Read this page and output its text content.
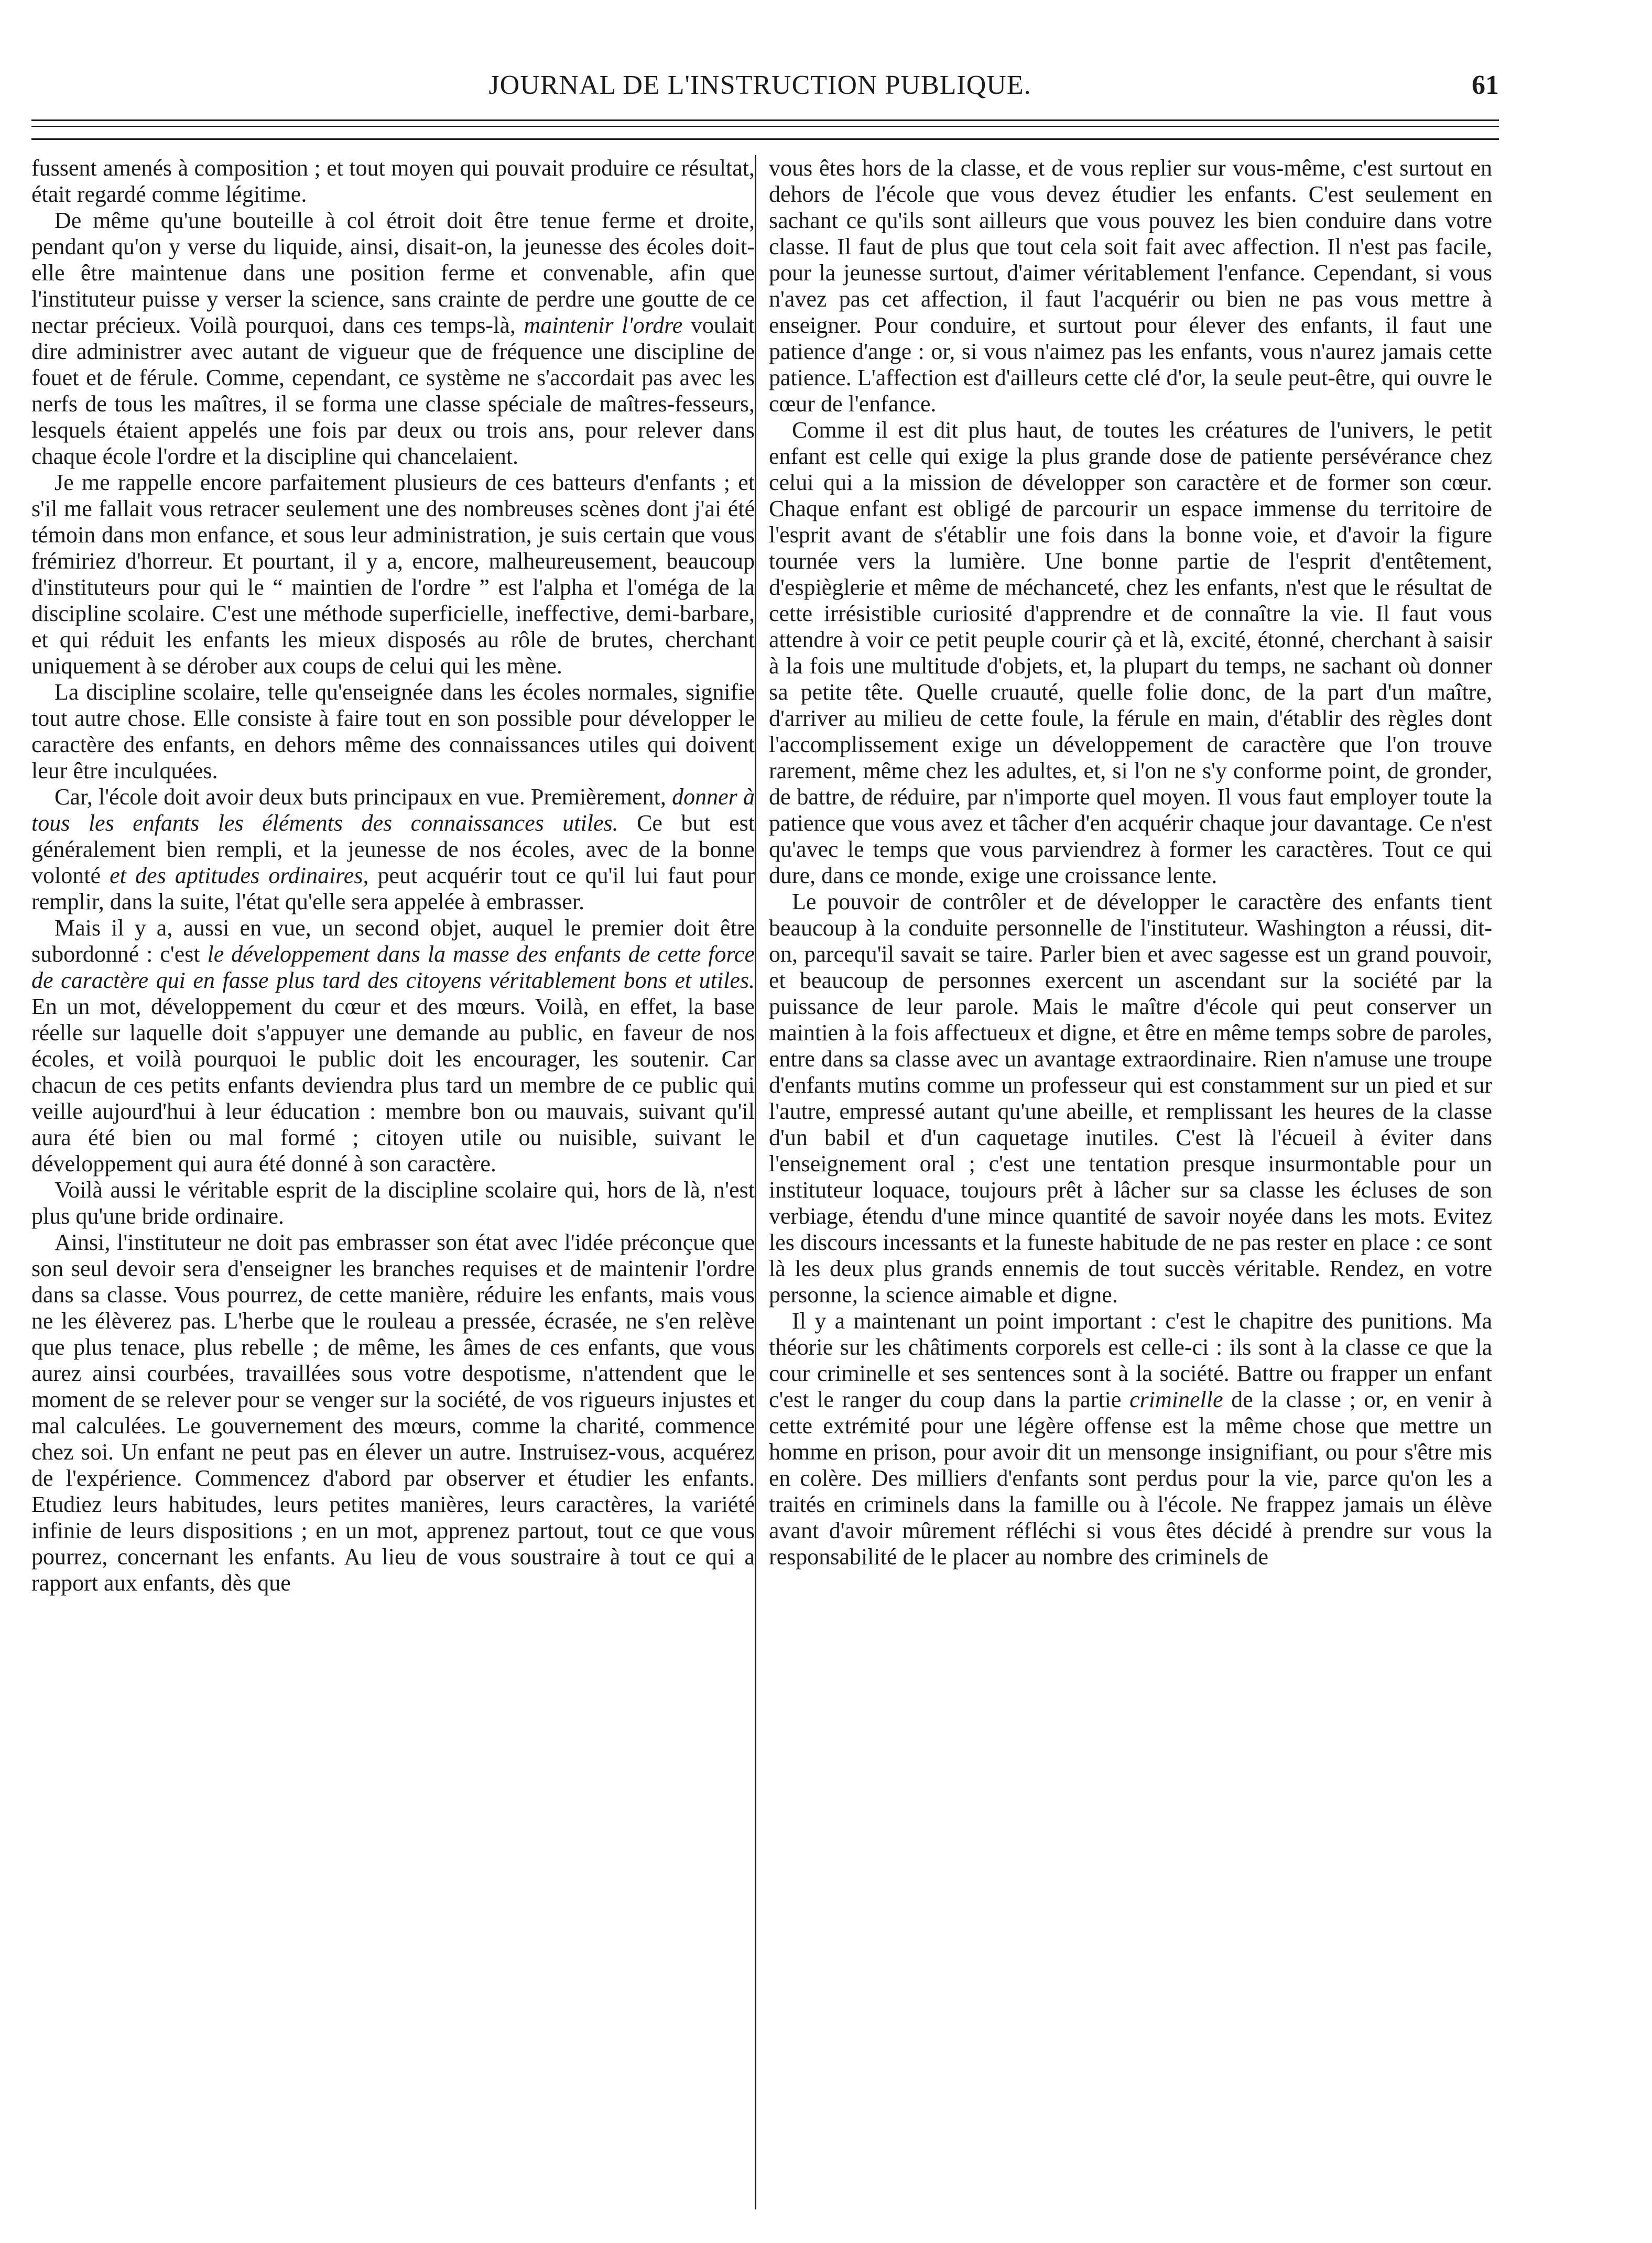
JOURNAL DE L'INSTRUCTION PUBLIQUE.	61

fussent amenés à composition ; et tout moyen qui pouvait produire ce résultat, était regardé comme légitime.

De même qu'une bouteille à col étroit doit être tenue ferme et droite, pendant qu'on y verse du liquide, ainsi, disait-on, la jeunesse des écoles doit-elle être maintenue dans une position ferme et convenable, afin que l'instituteur puisse y verser la science, sans crainte de perdre une goutte de ce nectar précieux. Voilà pourquoi, dans ces temps-là, maintenir l'ordre voulait dire administrer avec autant de vigueur que de fréquence une discipline de fouet et de férule. Comme, cependant, ce système ne s'accordait pas avec les nerfs de tous les maîtres, il se forma une classe spéciale de maîtres-fesseurs, lesquels étaient appelés une fois par deux ou trois ans, pour relever dans chaque école l'ordre et la discipline qui chancelaient.

Je me rappelle encore parfaitement plusieurs de ces batteurs d'enfants ; et s'il me fallait vous retracer seulement une des nombreuses scènes dont j'ai été témoin dans mon enfance, et sous leur administration, je suis certain que vous frémiriez d'horreur. Et pourtant, il y a, encore, malheureusement, beaucoup d'instituteurs pour qui le “ maintien de l'ordre ” est l'alpha et l'oméga de la discipline scolaire. C'est une méthode superficielle, ineffective, demi-barbare, et qui réduit les enfants les mieux disposés au rôle de brutes, cherchant uniquement à se dérober aux coups de celui qui les mène.

La discipline scolaire, telle qu'enseignée dans les écoles normales, signifie tout autre chose. Elle consiste à faire tout en son possible pour développer le caractère des enfants, en dehors même des connaissances utiles qui doivent leur être inculquées.

Car, l'école doit avoir deux buts principaux en vue. Premièrement, donner à tous les enfants les éléments des connaissances utiles. Ce but est généralement bien rempli, et la jeunesse de nos écoles, avec de la bonne volonté et des aptitudes ordinaires, peut acquérir tout ce qu'il lui faut pour remplir, dans la suite, l'état qu'elle sera appelée à embrasser.

Mais il y a, aussi en vue, un second objet, auquel le premier doit être subordonné : c'est le développement dans la masse des enfants de cette force de caractère qui en fasse plus tard des citoyens véritablement bons et utiles. En un mot, développement du cœur et des mœurs. Voilà, en effet, la base réelle sur laquelle doit s'appuyer une demande au public, en faveur de nos écoles, et voilà pourquoi le public doit les encourager, les soutenir. Car chacun de ces petits enfants deviendra plus tard un membre de ce public qui veille aujourd'hui à leur éducation : membre bon ou mauvais, suivant qu'il aura été bien ou mal formé ; citoyen utile ou nuisible, suivant le développement qui aura été donné à son caractère.

Voilà aussi le véritable esprit de la discipline scolaire qui, hors de là, n'est plus qu'une bride ordinaire.

Ainsi, l'instituteur ne doit pas embrasser son état avec l'idée préconçue que son seul devoir sera d'enseigner les branches requises et de maintenir l'ordre dans sa classe. Vous pourrez, de cette manière, réduire les enfants, mais vous ne les élèverez pas. L'herbe que le rouleau a pressée, écrasée, ne s'en relève que plus tenace, plus rebelle ; de même, les âmes de ces enfants, que vous aurez ainsi courbées, travaillées sous votre despotisme, n'attendent que le moment de se relever pour se venger sur la société, de vos rigueurs injustes et mal calculées. Le gouvernement des mœurs, comme la charité, commence chez soi. Un enfant ne peut pas en élever un autre. Instruisez-vous, acquérez de l'expérience. Commencez d'abord par observer et étudier les enfants. Etudiez leurs habitudes, leurs petites manières, leurs caractères, la variété infinie de leurs dispositions ; en un mot, apprenez partout, tout ce que vous pourrez, concernant les enfants. Au lieu de vous soustraire à tout ce qui a rapport aux enfants, dès que

vous êtes hors de la classe, et de vous replier sur vous-même, c'est surtout en dehors de l'école que vous devez étudier les enfants. C'est seulement en sachant ce qu'ils sont ailleurs que vous pouvez les bien conduire dans votre classe. Il faut de plus que tout cela soit fait avec affection. Il n'est pas facile, pour la jeunesse surtout, d'aimer véritablement l'enfance. Cependant, si vous n'avez pas cet affection, il faut l'acquérir ou bien ne pas vous mettre à enseigner. Pour conduire, et surtout pour élever des enfants, il faut une patience d'ange : or, si vous n'aimez pas les enfants, vous n'aurez jamais cette patience. L'affection est d'ailleurs cette clé d'or, la seule peut-être, qui ouvre le cœur de l'enfance.

Comme il est dit plus haut, de toutes les créatures de l'univers, le petit enfant est celle qui exige la plus grande dose de patiente persévérance chez celui qui a la mission de développer son caractère et de former son cœur. Chaque enfant est obligé de parcourir un espace immense du territoire de l'esprit avant de s'établir une fois dans la bonne voie, et d'avoir la figure tournée vers la lumière. Une bonne partie de l'esprit d'entêtement, d'espièglerie et même de méchanceté, chez les enfants, n'est que le résultat de cette irrésistible curiosité d'apprendre et de connaître la vie. Il faut vous attendre à voir ce petit peuple courir çà et là, excité, étonné, cherchant à saisir à la fois une multitude d'objets, et, la plupart du temps, ne sachant où donner sa petite tête. Quelle cruauté, quelle folie donc, de la part d'un maître, d'arriver au milieu de cette foule, la férule en main, d'établir des règles dont l'accomplissement exige un développement de caractère que l'on trouve rarement, même chez les adultes, et, si l'on ne s'y conforme point, de gronder, de battre, de réduire, par n'importe quel moyen. Il vous faut employer toute la patience que vous avez et tâcher d'en acquérir chaque jour davantage. Ce n'est qu'avec le temps que vous parviendrez à former les caractères. Tout ce qui dure, dans ce monde, exige une croissance lente.

Le pouvoir de contrôler et de développer le caractère des enfants tient beaucoup à la conduite personnelle de l'instituteur. Washington a réussi, dit-on, parcequ'il savait se taire. Parler bien et avec sagesse est un grand pouvoir, et beaucoup de personnes exercent un ascendant sur la société par la puissance de leur parole. Mais le maître d'école qui peut conserver un maintien à la fois affectueux et digne, et être en même temps sobre de paroles, entre dans sa classe avec un avantage extraordinaire. Rien n'amuse une troupe d'enfants mutins comme un professeur qui est constamment sur un pied et sur l'autre, empressé autant qu'une abeille, et remplissant les heures de la classe d'un babil et d'un caquetage inutiles. C'est là l'écueil à éviter dans l'enseignement oral ; c'est une tentation presque insurmontable pour un instituteur loquace, toujours prêt à lâcher sur sa classe les écluses de son verbiage, étendu d'une mince quantité de savoir noyée dans les mots. Evitez les discours incessants et la funeste habitude de ne pas rester en place : ce sont là les deux plus grands ennemis de tout succès véritable. Rendez, en votre personne, la science aimable et digne.

Il y a maintenant un point important : c'est le chapitre des punitions. Ma théorie sur les châtiments corporels est celle-ci : ils sont à la classe ce que la cour criminelle et ses sentences sont à la société. Battre ou frapper un enfant c'est le ranger du coup dans la partie criminelle de la classe ; or, en venir à cette extrémité pour une légère offense est la même chose que mettre un homme en prison, pour avoir dit un mensonge insignifiant, ou pour s'être mis en colère. Des milliers d'enfants sont perdus pour la vie, parce qu'on les a traités en criminels dans la famille ou à l'école. Ne frappez jamais un élève avant d'avoir mûrement réfléchi si vous êtes décidé à prendre sur vous la responsabilité de le placer au nombre des criminels de
